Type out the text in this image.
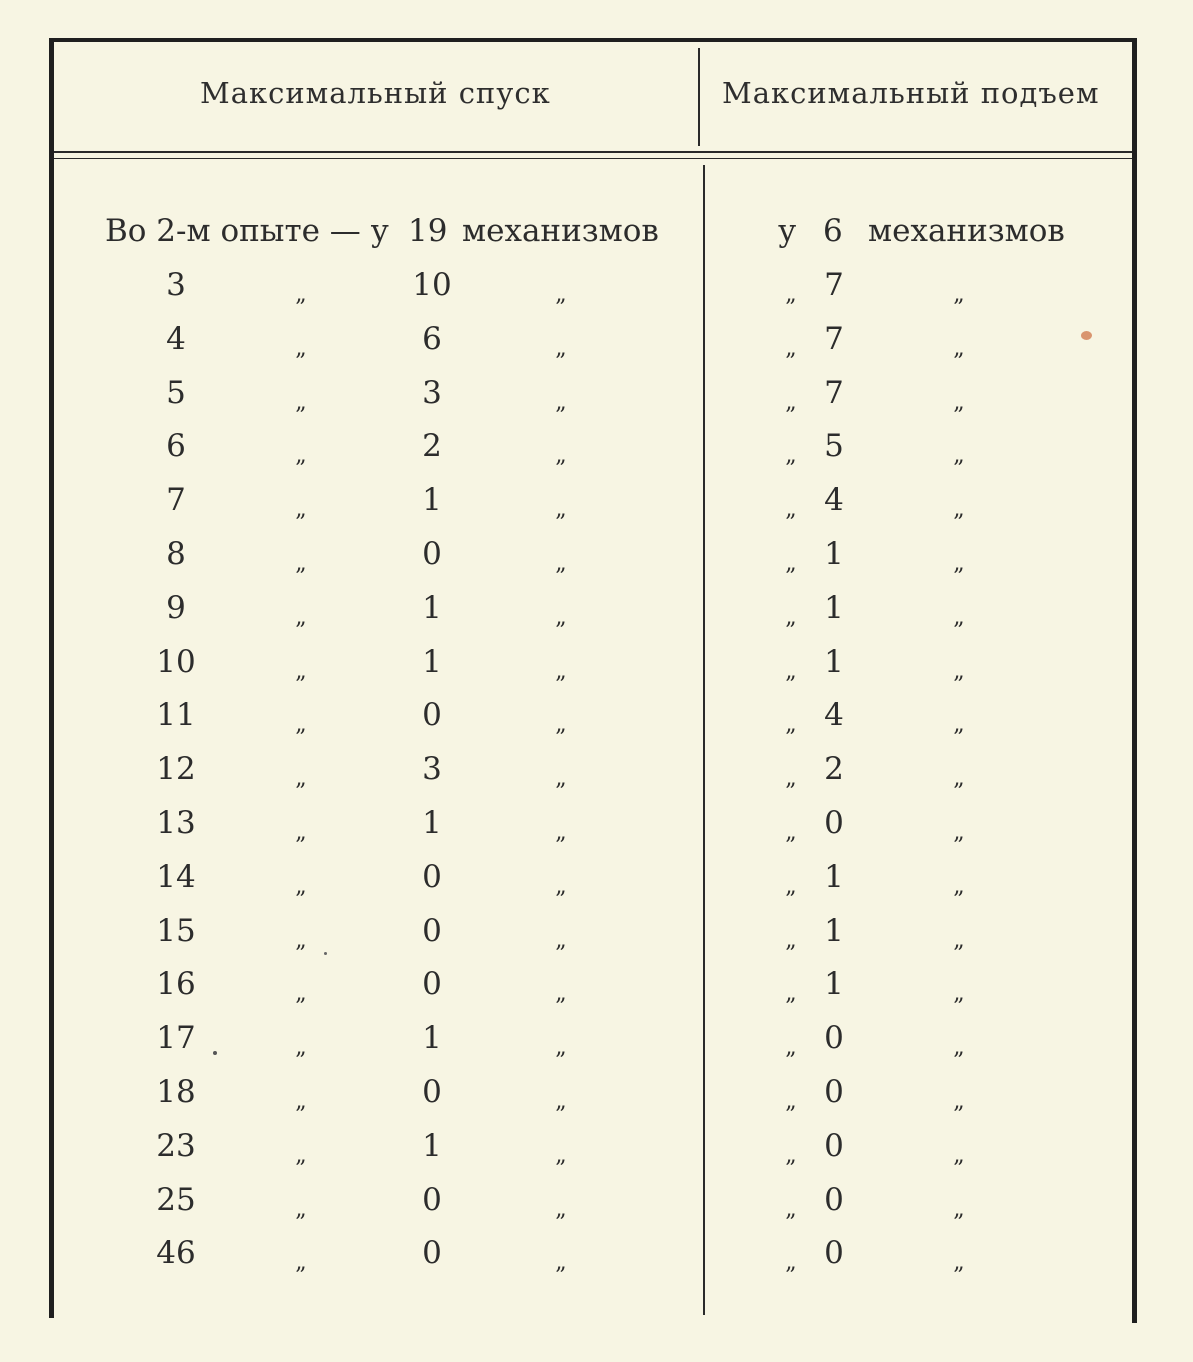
Максимальный спуск	Максимальный подъем
Во 2-м опыте — у 19 механизмов	у 6 механизмов
3	„	10	„	„ 7	„
4	„	6	„	„ 7	„
5	„	3	„	„ 7	„
6	„	2	„	„ 5	„
7	„	1	„	„ 4	„
8	„	0	„	„ 1	„
9	„	1	„	„ 1	„
10	„	1	„	„ 1	„
11	„	0	„	„ 4	„
12	„	3	„	„ 2	„
13	„	1	„	„ 0	„
14	„	0	„	„ 1	„
15	„	0	„	„ 1	„
16	„	0	„	„ 1	„
17	„	1	„	„ 0	„
18	„	0	„	„ 0	„
23	„	1	„	„ 0	„
25	„	0	„	„ 0	„
46	„	0	„	„ 0	„
